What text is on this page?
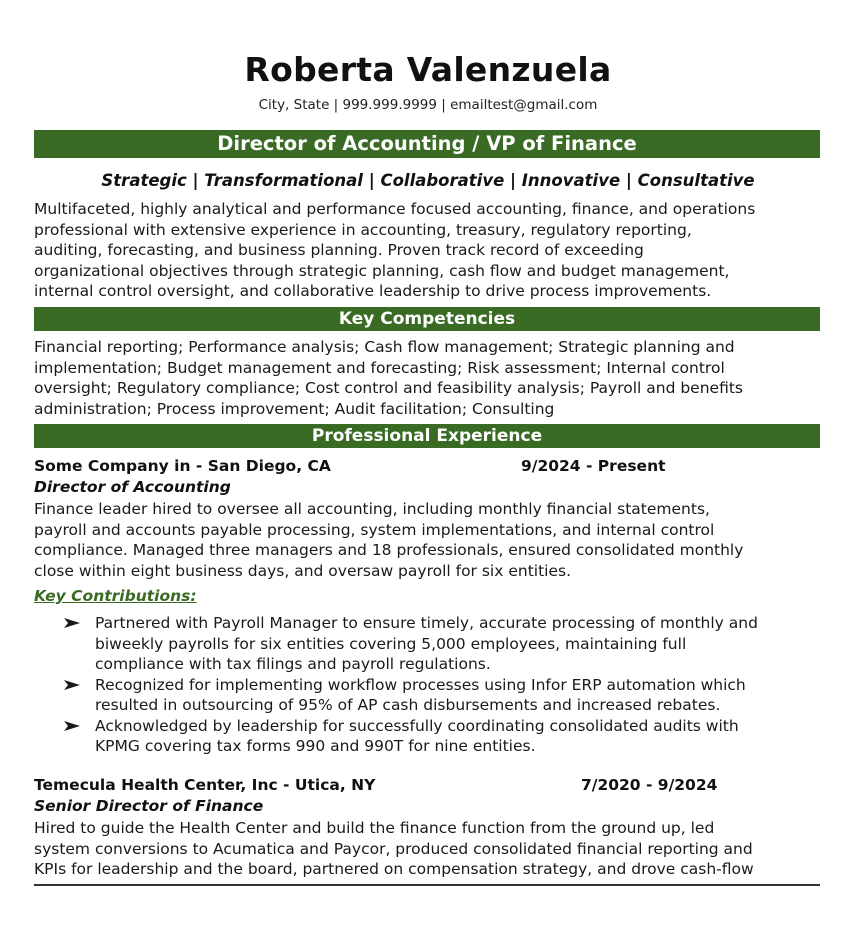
Roberta Valenzuela
City, State | 999.999.9999 | emailtest@gmail.com
Director of Accounting / VP of Finance
Strategic | Transformational | Collaborative | Innovative | Consultative
Multifaceted, highly analytical and performance focused accounting, finance, and operations
professional with extensive experience in accounting, treasury, regulatory reporting,
auditing, forecasting, and business planning. Proven track record of exceeding
organizational objectives through strategic planning, cash flow and budget management,
internal control oversight, and collaborative leadership to drive process improvements.
Key Competencies
Financial reporting; Performance analysis; Cash flow management; Strategic planning and
implementation; Budget management and forecasting; Risk assessment; Internal control
oversight; Regulatory compliance; Cost control and feasibility analysis; Payroll and benefits
administration; Process improvement; Audit facilitation; Consulting
Professional Experience
Some Company in - San Diego, CA	9/2024 - Present
Director of Accounting
Finance leader hired to oversee all accounting, including monthly financial statements,
payroll and accounts payable processing, system implementations, and internal control
compliance. Managed three managers and 18 professionals, ensured consolidated monthly
close within eight business days, and oversaw payroll for six entities.
Key Contributions:
Partnered with Payroll Manager to ensure timely, accurate processing of monthly and
biweekly payrolls for six entities covering 5,000 employees, maintaining full
compliance with tax filings and payroll regulations.
Recognized for implementing workflow processes using Infor ERP automation which
resulted in outsourcing of 95% of AP cash disbursements and increased rebates.
Acknowledged by leadership for successfully coordinating consolidated audits with
KPMG covering tax forms 990 and 990T for nine entities.
Temecula Health Center, Inc - Utica, NY	7/2020 - 9/2024
Senior Director of Finance
Hired to guide the Health Center and build the finance function from the ground up, led
system conversions to Acumatica and Paycor, produced consolidated financial reporting and
KPIs for leadership and the board, partnered on compensation strategy, and drove cash-flow
